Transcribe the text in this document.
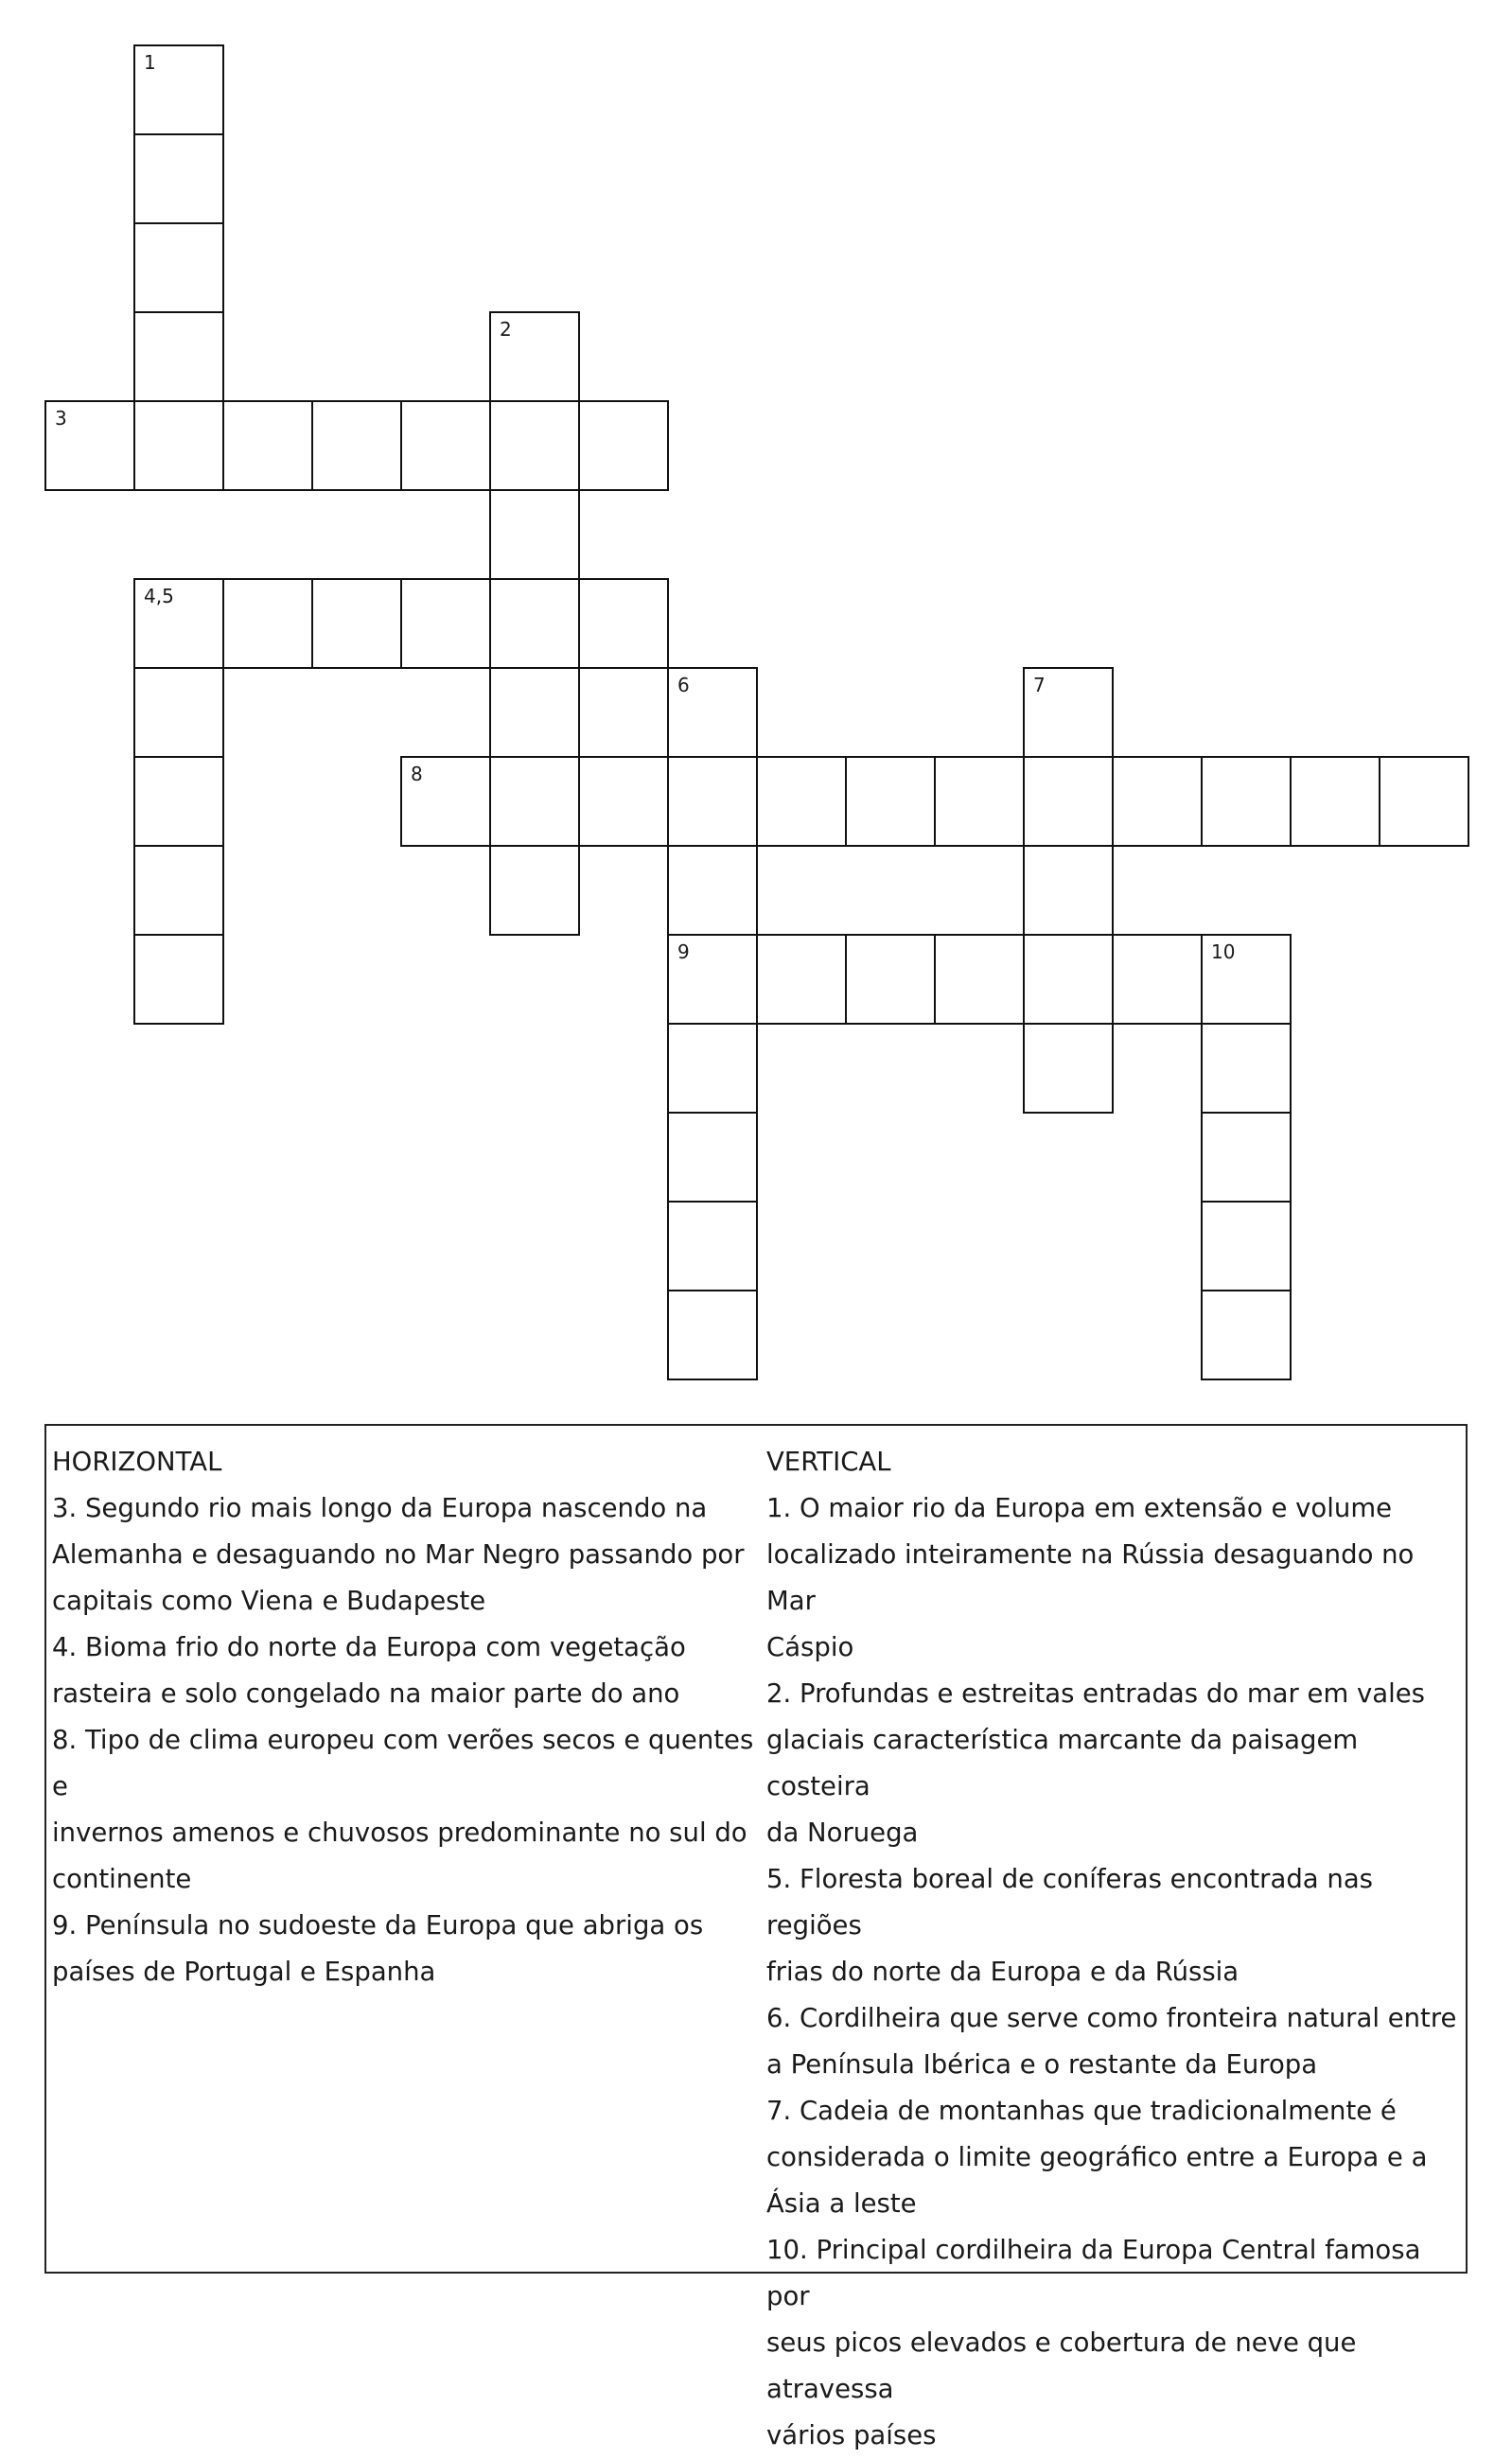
1
2
3
4,5
6	7
8
9	10
HORIZONTAL
3. Segundo rio mais longo da Europa nascendo na
Alemanha e desaguando no Mar Negro passando por
capitais como Viena e Budapeste
4. Bioma frio do norte da Europa com vegetação
rasteira e solo congelado na maior parte do ano
8. Tipo de clima europeu com verões secos e quentes e
invernos amenos e chuvosos predominante no sul do
continente
9. Península no sudoeste da Europa que abriga os
países de Portugal e Espanha
VERTICAL
1. O maior rio da Europa em extensão e volume
localizado inteiramente na Rússia desaguando no Mar
Cáspio
2. Profundas e estreitas entradas do mar em vales
glaciais característica marcante da paisagem costeira
da Noruega
5. Floresta boreal de coníferas encontrada nas regiões
frias do norte da Europa e da Rússia
6. Cordilheira que serve como fronteira natural entre
a Península Ibérica e o restante da Europa
7. Cadeia de montanhas que tradicionalmente é
considerada o limite geográfico entre a Europa e a
Ásia a leste
10. Principal cordilheira da Europa Central famosa por
seus picos elevados e cobertura de neve que atravessa
vários países
